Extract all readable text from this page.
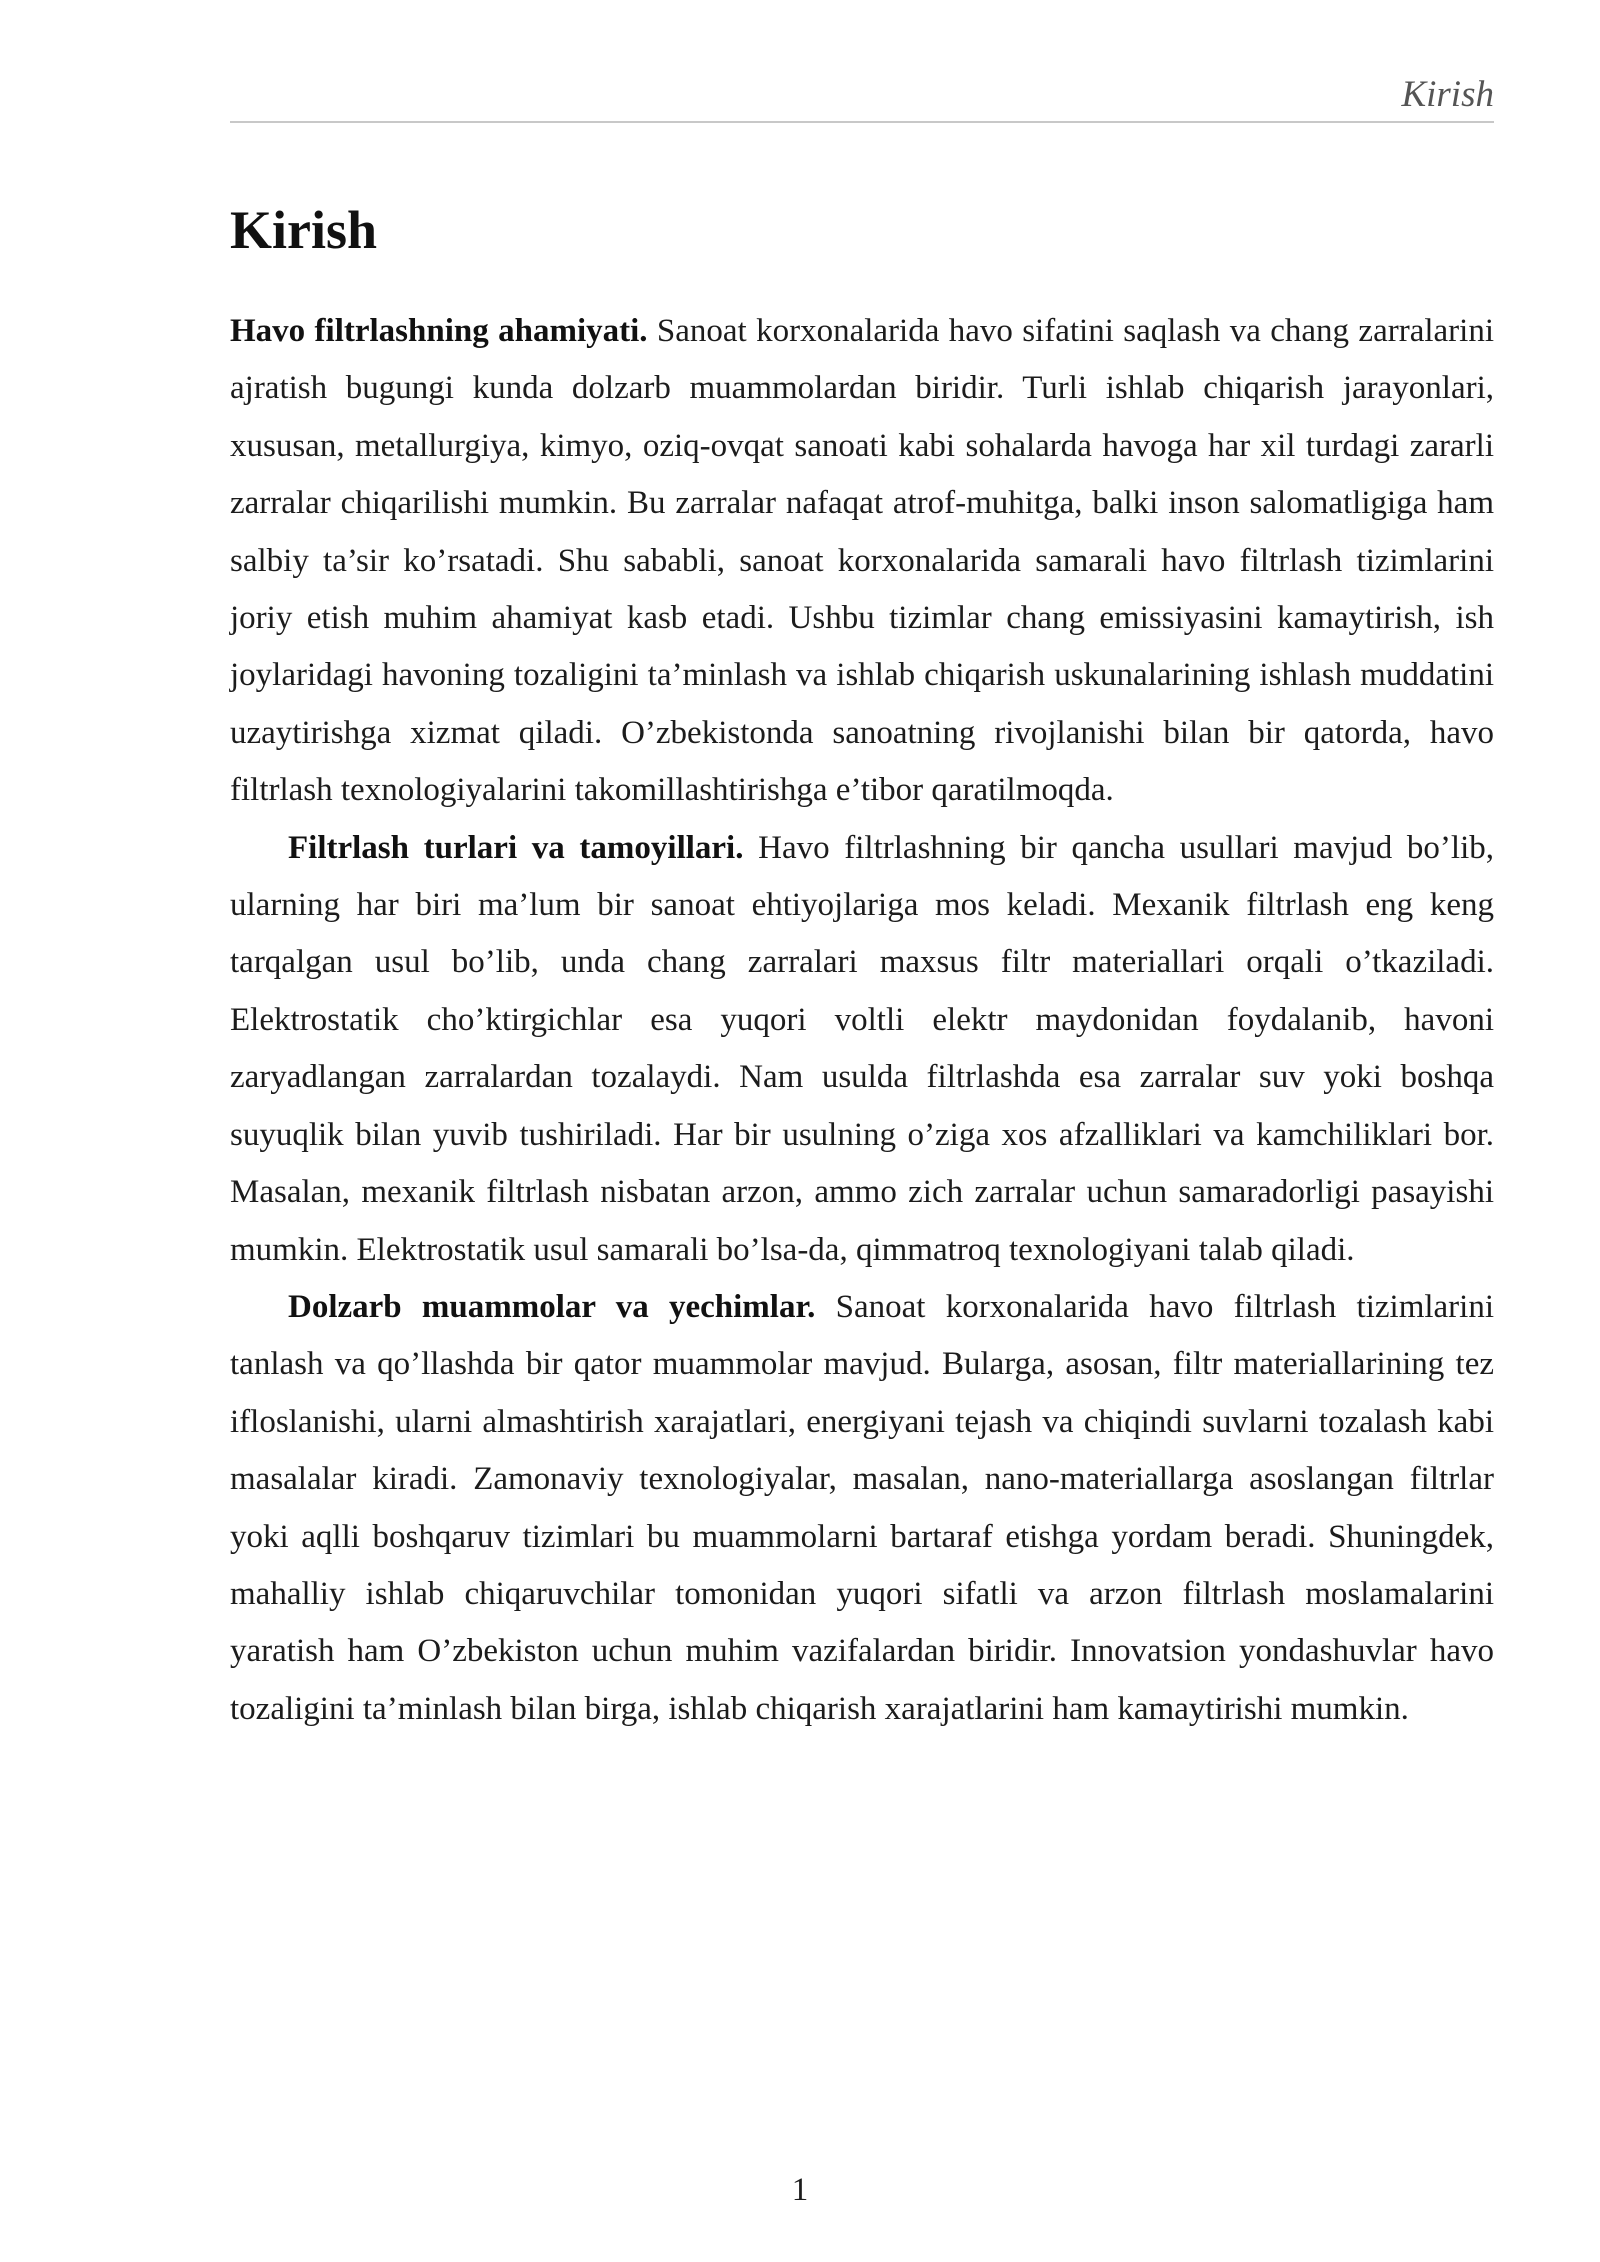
Kirish
Kirish

Havo filtrlashning ahamiyati. Sanoat korxonalarida havo sifatini saqlash va chang zarralarini ajratish bugungi kunda dolzarb muammolardan biridir. Turli ishlab chiqarish jarayonlari, xususan, metallurgiya, kimyo, oziq-ovqat sanoati kabi sohalarda havoga har xil turdagi zararli zarralar chiqarilishi mumkin. Bu zarralar nafaqat atrof-muhitga, balki inson salomatligiga ham salbiy ta’sir ko’rsatadi. Shu sababli, sanoat korxonalarida samarali havo filtrlash tizimlarini joriy etish muhim ahamiyat kasb etadi. Ushbu tizimlar chang emissiyasini kamaytirish, ish joylaridagi havoning tozaligini ta’minlash va ishlab chiqarish uskunalarining ishlash muddatini uzaytirishga xizmat qiladi. O’zbekistonda sanoatning rivojlanishi bilan bir qatorda, havo filtrlash texnologiyalarini takomillashtirishga e’tibor qaratilmoqda.

Filtrlash turlari va tamoyillari. Havo filtrlashning bir qancha usullari mavjud bo’lib, ularning har biri ma’lum bir sanoat ehtiyojlariga mos keladi. Mexanik filtrlash eng keng tarqalgan usul bo’lib, unda chang zarralari maxsus filtr materiallari orqali o’tkaziladi. Elektrostatik cho’ktirgichlar esa yuqori voltli elektr maydonidan foydalanib, havoni zaryadlangan zarralardan tozalaydi. Nam usulda filtrlashda esa zarralar suv yoki boshqa suyuqlik bilan yuvib tushiriladi. Har bir usulning o’ziga xos afzalliklari va kamchiliklari bor. Masalan, mexanik filtrlash nisbatan arzon, ammo zich zarralar uchun samaradorligi pasayishi mumkin. Elektrostatik usul samarali bo’lsa-da, qimmatroq texnologiyani talab qiladi.

Dolzarb muammolar va yechimlar. Sanoat korxonalarida havo filtrlash tizimlarini tanlash va qo’llashda bir qator muammolar mavjud. Bularga, asosan, filtr materiallarining tez ifloslanishi, ularni almashtirish xarajatlari, energiyani tejash va chiqindi suvlarni tozalash kabi masalalar kiradi. Zamonaviy texnologiyalar, masalan, nano-materiallarga asoslangan filtrlar yoki aqlli boshqaruv tizimlari bu muammolarni bartaraf etishga yordam beradi. Shuningdek, mahalliy ishlab chiqaruvchilar tomonidan yuqori sifatli va arzon filtrlash moslamalarini yaratish ham O’zbekiston uchun muhim vazifalardan biridir. Innovatsion yondashuvlar havo tozaligini ta’minlash bilan birga, ishlab chiqarish xarajatlarini ham kamaytirishi mumkin.

1
